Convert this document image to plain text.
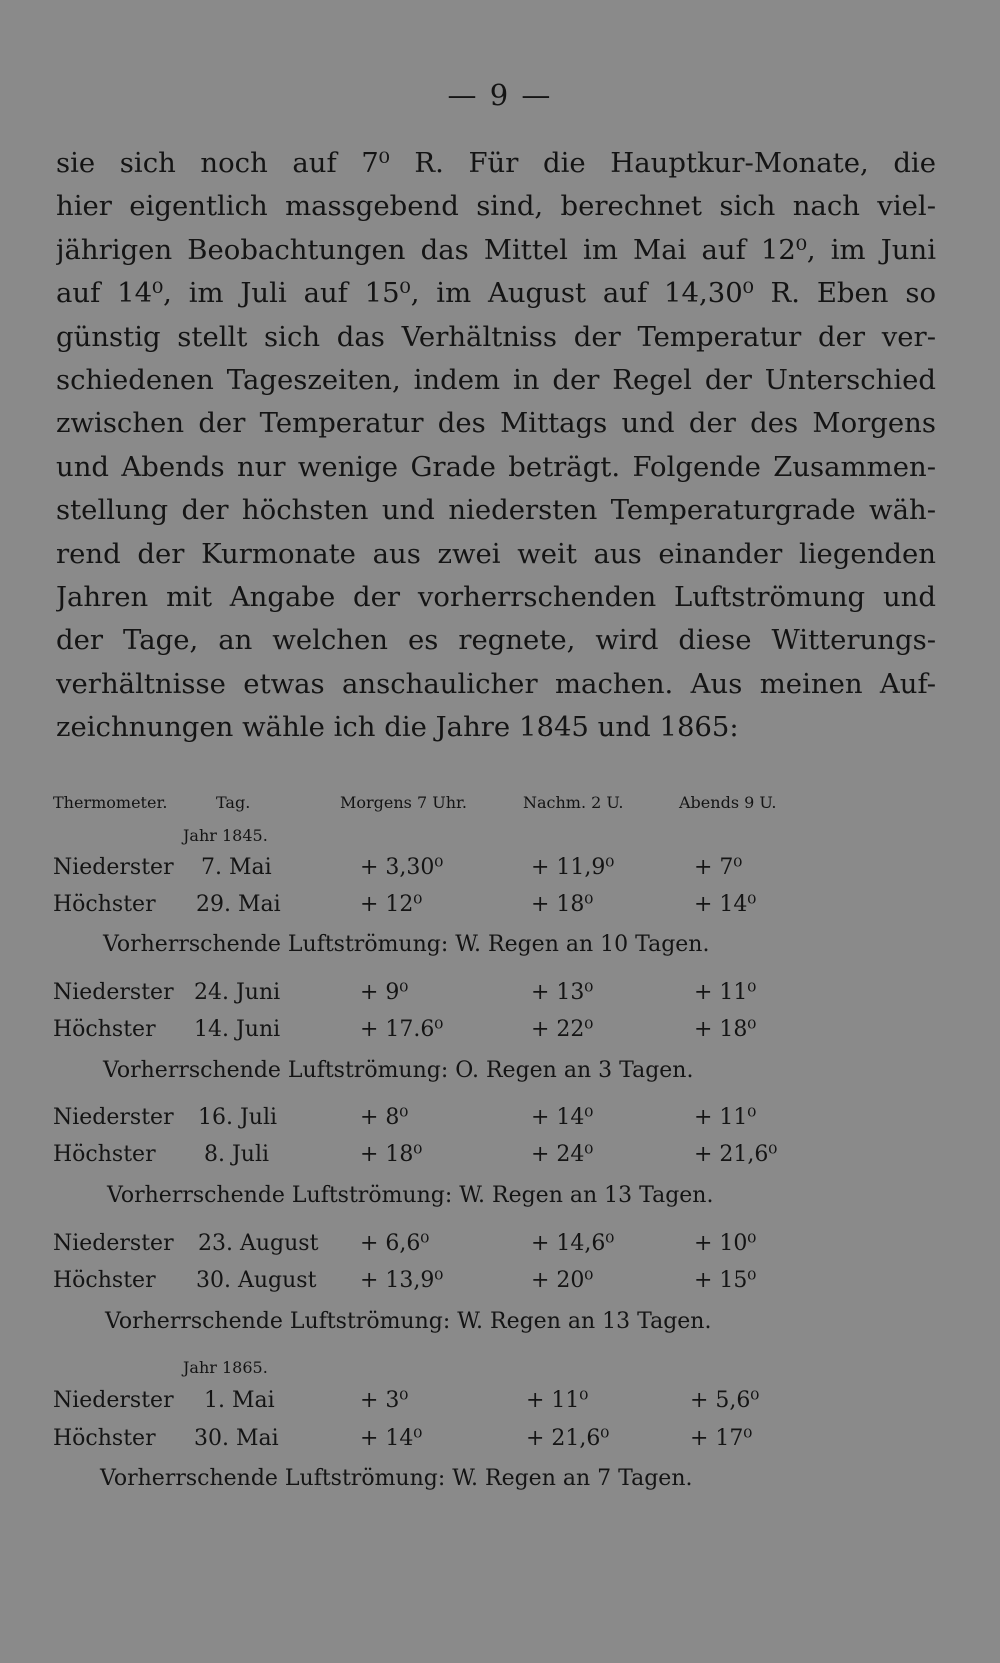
— 9 —
sie sich noch auf 7⁰ R. Für die Hauptkur-Monate, die
hier eigentlich massgebend sind, berechnet sich nach viel-
jährigen Beobachtungen das Mittel im Mai auf 12⁰, im Juni
auf 14⁰, im Juli auf 15⁰, im August auf 14,30⁰ R. Eben so
günstig stellt sich das Verhältniss der Temperatur der ver-
schiedenen Tageszeiten, indem in der Regel der Unterschied
zwischen der Temperatur des Mittags und der des Morgens
und Abends nur wenige Grade beträgt. Folgende Zusammen-
stellung der höchsten und niedersten Temperaturgrade wäh-
rend der Kurmonate aus zwei weit aus einander liegenden
Jahren mit Angabe der vorherrschenden Luftströmung und
der Tage, an welchen es regnete, wird diese Witterungs-
verhältnisse etwas anschaulicher machen. Aus meinen Auf-
zeichnungen wähle ich die Jahre 1845 und 1865:
Thermometer.	Tag.	Morgens 7 Uhr.	Nachm. 2 U.	Abends 9 U.
Jahr 1845.
Niederster 7. Mai	+ 3,30⁰	+ 11,9⁰	+ 7⁰
Höchster 29. Mai	+ 12⁰	+ 18⁰	+ 14⁰
Vorherrschende Luftströmung: W. Regen an 10 Tagen.
Niederster 24. Juni	+ 9⁰	+ 13⁰	+ 11⁰
Höchster 14. Juni	+ 17.6⁰	+ 22⁰	+ 18⁰
Vorherrschende Luftströmung: O. Regen an 3 Tagen.
Niederster 16. Juli	+ 8⁰	+ 14⁰	+ 11⁰
Höchster 8. Juli	+ 18⁰	+ 24⁰	+ 21,6⁰
Vorherrschende Luftströmung: W. Regen an 13 Tagen.
Niederster 23. August + 6,6⁰	+ 14,6⁰	+ 10⁰
Höchster 30. August + 13,9⁰	+ 20⁰	+ 15⁰
Vorherrschende Luftströmung: W. Regen an 13 Tagen.
Jahr 1865.
Niederster 1. Mai	+ 3⁰	+ 11⁰	+ 5,6⁰
Höchster 30. Mai	+ 14⁰	+ 21,6⁰	+ 17⁰
Vorherrschende Luftströmung: W. Regen an 7 Tagen.
